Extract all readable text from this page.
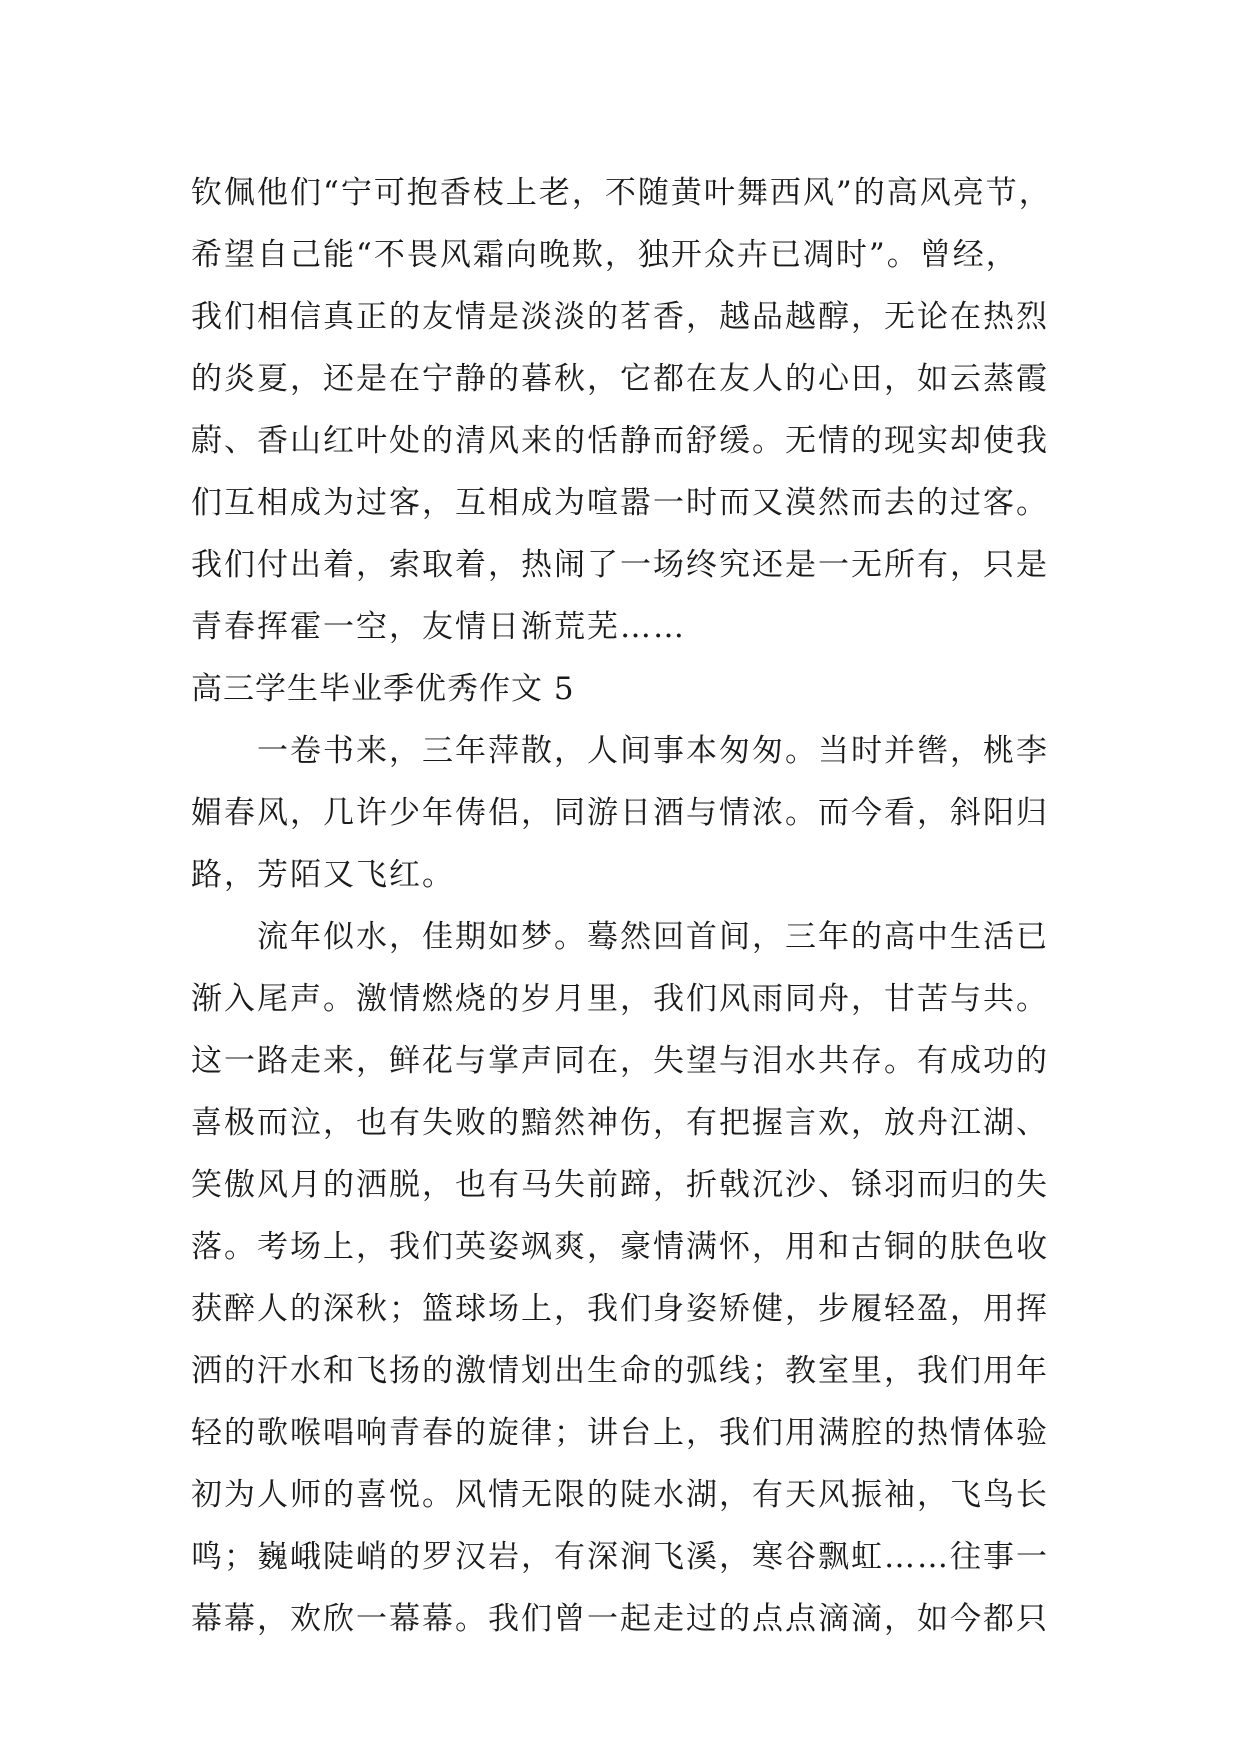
钦佩他们“宁可抱香枝上老，不随黄叶舞西风”的高风亮节，
希望自己能“不畏风霜向晚欺，独开众卉已凋时”。曾经，
我们相信真正的友情是淡淡的茗香，越品越醇，无论在热烈
的炎夏，还是在宁静的暮秋，它都在友人的心田，如云蒸霞
蔚、香山红叶处的清风来的恬静而舒缓。无情的现实却使我
们互相成为过客，互相成为喧嚣一时而又漠然而去的过客。
我们付出着，索取着，热闹了一场终究还是一无所有，只是
青春挥霍一空，友情日渐荒芜……
高三学生毕业季优秀作文 5
一卷书来，三年萍散，人间事本匆匆。当时并辔，桃李
媚春风，几许少年俦侣，同游日酒与情浓。而今看，斜阳归
路，芳陌又飞红。
流年似水，佳期如梦。蓦然回首间，三年的高中生活已
渐入尾声。激情燃烧的岁月里，我们风雨同舟，甘苦与共。
这一路走来，鲜花与掌声同在，失望与泪水共存。有成功的
喜极而泣，也有失败的黯然神伤，有把握言欢，放舟江湖、
笑傲风月的洒脱，也有马失前蹄，折戟沉沙、铩羽而归的失
落。考场上，我们英姿飒爽，豪情满怀，用和古铜的肤色收
获醉人的深秋；篮球场上，我们身姿矫健，步履轻盈，用挥
洒的汗水和飞扬的激情划出生命的弧线；教室里，我们用年
轻的歌喉唱响青春的旋律；讲台上，我们用满腔的热情体验
初为人师的喜悦。风情无限的陡水湖，有天风振袖，飞鸟长
鸣；巍峨陡峭的罗汉岩，有深涧飞溪，寒谷飘虹……往事一
幕幕，欢欣一幕幕。我们曾一起走过的点点滴滴，如今都只
